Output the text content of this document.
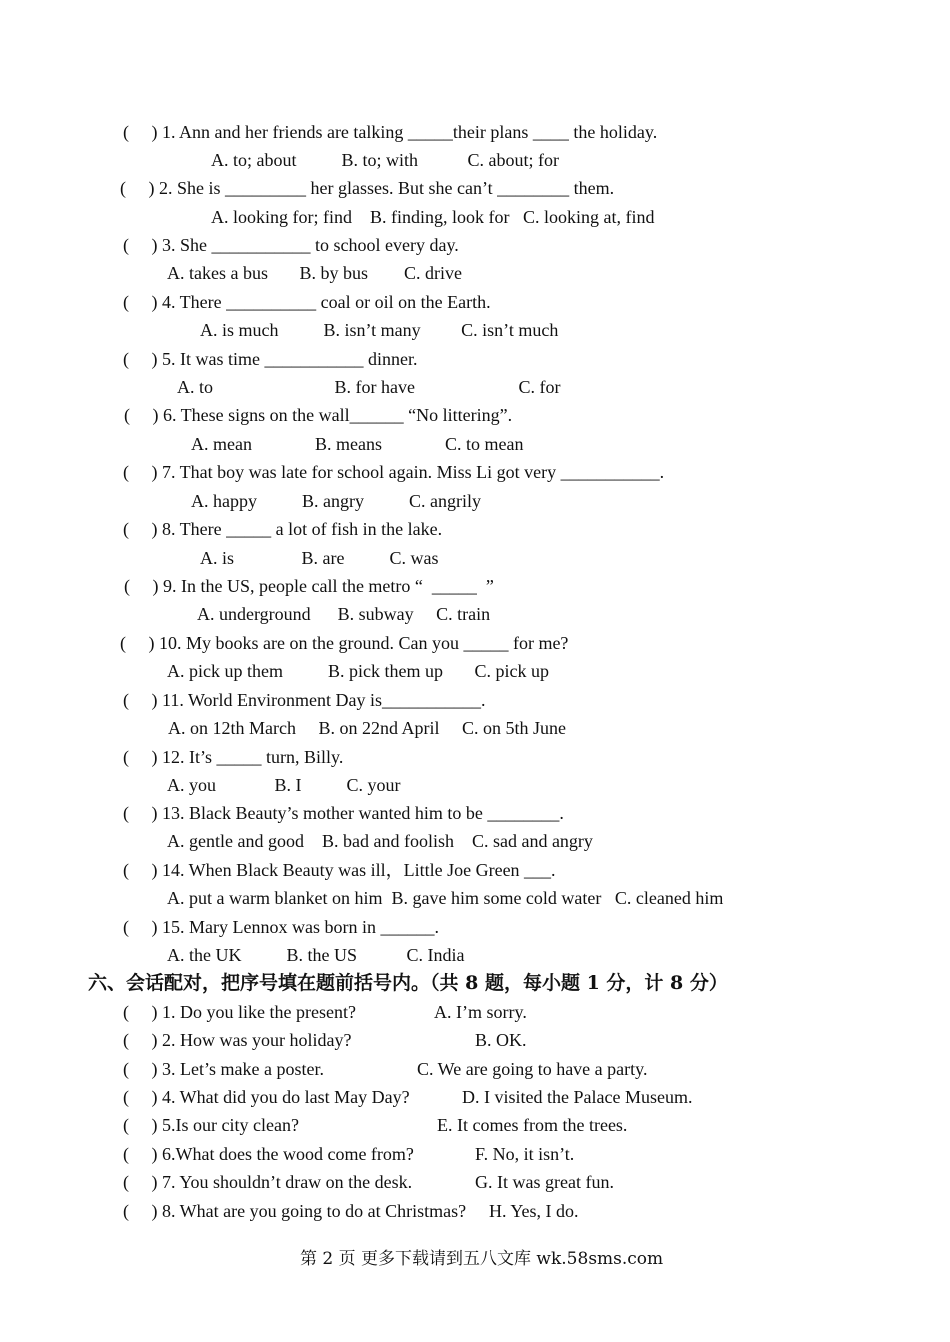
(     ) 1. Ann and her friends are talking _____their plans ____ the holiday.
A. to; about          B. to; with           C. about; for
(     ) 2. She is _________ her glasses. But she can’t ________ them.
A. looking for; find    B. finding, look for   C. looking at, find
(     ) 3. She ___________ to school every day.
A. takes a bus       B. by bus        C. drive
(     ) 4. There __________ coal or oil on the Earth.
A. is much          B. isn’t many         C. isn’t much
(     ) 5. It was time ___________ dinner.
A. to                           B. for have                       C. for
(     ) 6. These signs on the wall______ “No littering”.
A. mean              B. means              C. to mean
(     ) 7. That boy was late for school again. Miss Li got very ___________.
A. happy          B. angry          C. angrily
(     ) 8. There _____ a lot of fish in the lake.
A. is               B. are          C. was
(     ) 9. In the US, people call the metro “  _____  ”
A. underground      B. subway     C. train
(     ) 10. My books are on the ground. Can you _____ for me?
A. pick up them          B. pick them up       C. pick up
(     ) 11. World Environment Day is___________.
A. on 12th March     B. on 22nd April     C. on 5th June
(     ) 12. It’s _____ turn, Billy.
A. you             B. I          C. your
(     ) 13. Black Beauty’s mother wanted him to be ________.
A. gentle and good    B. bad and foolish    C. sad and angry
(     ) 14. When Black Beauty was ill，Little Joe Green ___.
A. put a warm blanket on him  B. gave him some cold water   C. cleaned him
(     ) 15. Mary Lennox was born in ______.
A. the UK          B. the US           C. India
六、会话配对，把序号填在题前括号内。（共 8 题，每小题 1 分，计 8 分）
(     ) 1. Do you like the present?	A. I’m sorry.
(     ) 2. How was your holiday?	B. OK.
(     ) 3. Let’s make a poster.	C. We are going to have a party.
(     ) 4. What did you do last May Day?	D. I visited the Palace Museum.
(     ) 5.Is our city clean?	E. It comes from the trees.
(     ) 6.What does the wood come from?	F. No, it isn’t.
(     ) 7. You shouldn’t draw on the desk.	G. It was great fun.
(     ) 8. What are you going to do at Christmas? H. Yes, I do.
第 2 页 更多下载请到五八文库 wk.58sms.com
